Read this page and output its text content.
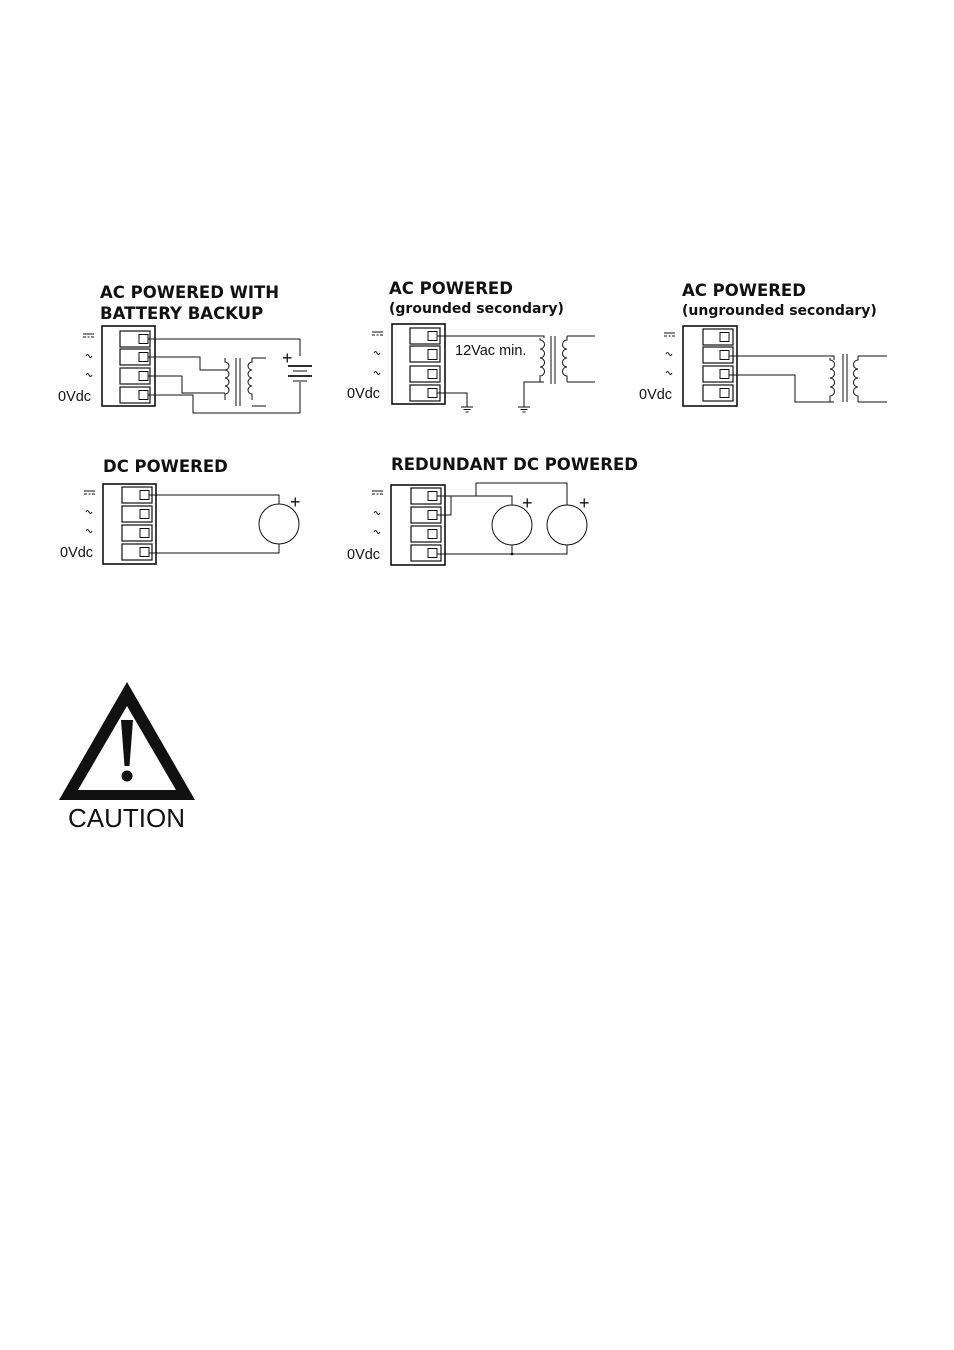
AC POWERED WITH
BATTERY BACKUP
0Vdc
+
AC POWERED
(grounded secondary)
0Vdc
12Vac min.
AC POWERED
(ungrounded secondary)
0Vdc
DC POWERED
0Vdc
+
REDUNDANT DC POWERED
0Vdc
+	+
CAUTION
